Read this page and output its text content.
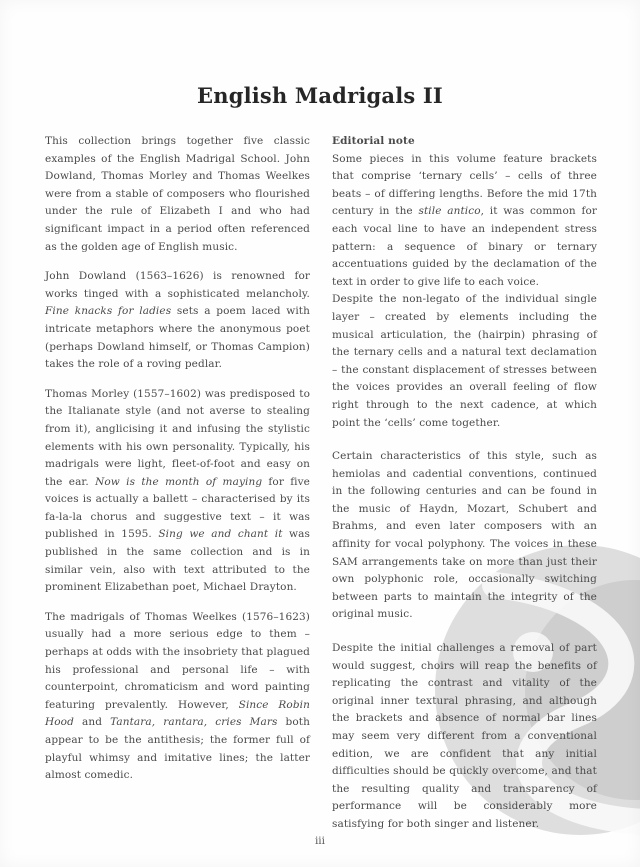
English Madrigals II

This collection brings together five classic examples of the English Madrigal School. John Dowland, Thomas Morley and Thomas Weelkes were from a stable of composers who flourished under the rule of Elizabeth I and who had significant impact in a period often referenced as the golden age of English music.

John Dowland (1563–1626) is renowned for works tinged with a sophisticated melancholy. Fine knacks for ladies sets a poem laced with intricate metaphors where the anonymous poet (perhaps Dowland himself, or Thomas Campion) takes the role of a roving pedlar.

Thomas Morley (1557–1602) was predisposed to the Italianate style (and not averse to stealing from it), anglicising it and infusing the stylistic elements with his own personality. Typically, his madrigals were light, fleet-of-foot and easy on the ear. Now is the month of maying for five voices is actually a ballett – characterised by its fa-la-la chorus and suggestive text – it was published in 1595. Sing we and chant it was published in the same collection and is in similar vein, also with text attributed to the prominent Elizabethan poet, Michael Drayton.

The madrigals of Thomas Weelkes (1576–1623) usually had a more serious edge to them – perhaps at odds with the insobriety that plagued his professional and personal life – with counterpoint, chromaticism and word painting featuring prevalently. However, Since Robin Hood and Tantara, rantara, cries Mars both appear to be the antithesis; the former full of playful whimsy and imitative lines; the latter almost comedic.

Editorial note

Some pieces in this volume feature brackets that comprise ‘ternary cells’ – cells of three beats – of differing lengths. Before the mid 17th century in the stile antico, it was common for each vocal line to have an independent stress pattern: a sequence of binary or ternary accentuations guided by the declamation of the text in order to give life to each voice.

Despite the non-legato of the individual single layer – created by elements including the musical articulation, the (hairpin) phrasing of the ternary cells and a natural text declamation – the constant displacement of stresses between the voices provides an overall feeling of flow right through to the next cadence, at which point the ‘cells’ come together.

Certain characteristics of this style, such as hemiolas and cadential conventions, continued in the following centuries and can be found in the music of Haydn, Mozart, Schubert and Brahms, and even later composers with an affinity for vocal polyphony. The voices in these SAM arrangements take on more than just their own polyphonic role, occasionally switching between parts to maintain the integrity of the original music.

Despite the initial challenges a removal of part would suggest, choirs will reap the benefits of replicating the contrast and vitality of the original inner textural phrasing, and although the brackets and absence of normal bar lines may seem very different from a conventional edition, we are confident that any initial difficulties should be quickly overcome, and that the resulting quality and transparency of performance will be considerably more satisfying for both singer and listener.

iii
